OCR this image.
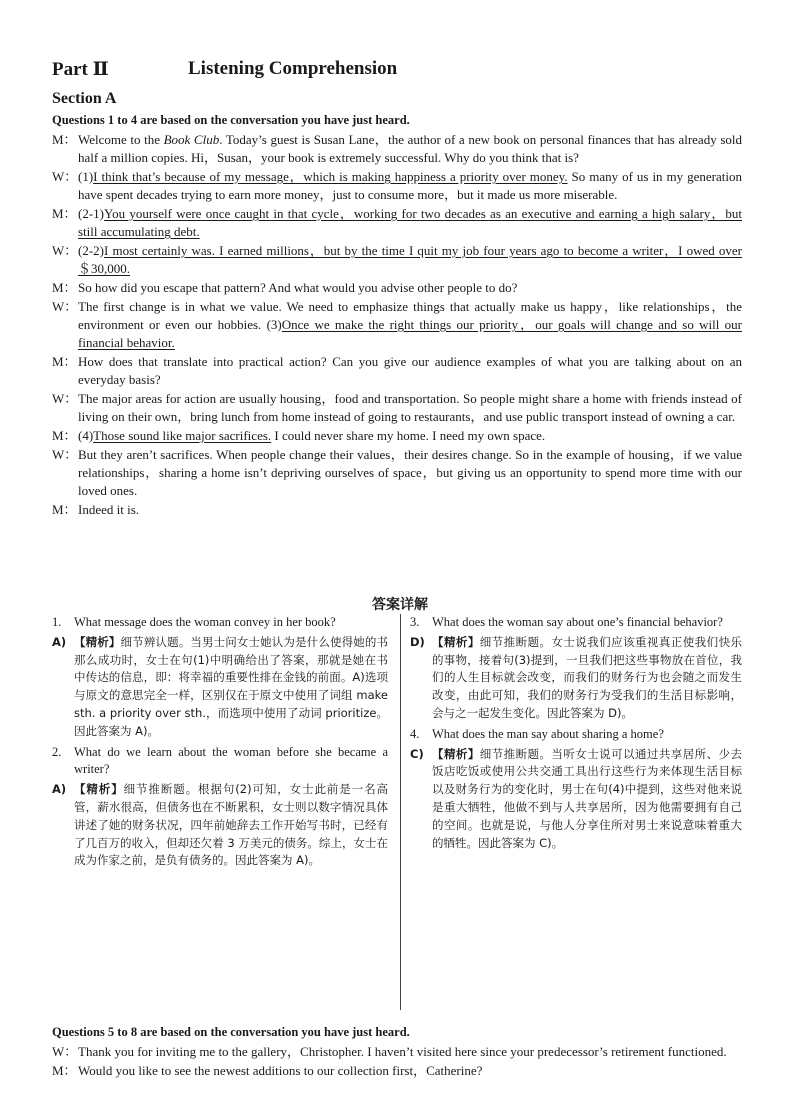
Part Ⅱ	Listening Comprehension
Section A
Questions 1 to 4 are based on the conversation you have just heard.

M： Welcome to the Book Club. Today’s guest is Susan Lane，the author of a new book on personal finances that has already sold half a million copies. Hi，Susan，your book is extremely successful. Why do you think that is?

W： (1)I think that’s because of my message，which is making happiness a priority over money. So many of us in my generation have spent decades trying to earn more money，just to consume more，but it made us more miserable.

M： (2-1)You yourself were once caught in that cycle，working for two decades as an executive and earning a high salary，but still accumulating debt.

W： (2-2)I most certainly was. I earned millions，but by the time I quit my job four years ago to become a writer，I owed over ＄30,000.

M： So how did you escape that pattern? And what would you advise other people to do?

W： The first change is in what we value. We need to emphasize things that actually make us happy，like relationships，the environment or even our hobbies. (3)Once we make the right things our priority，our goals will change and so will our financial behavior.

M： How does that translate into practical action? Can you give our audience examples of what you are talking about on an everyday basis?

W： The major areas for action are usually housing，food and transportation. So people might share a home with friends instead of living on their own，bring lunch from home instead of going to restaurants，and use public transport instead of owning a car.

M： (4)Those sound like major sacrifices. I could never share my home. I need my own space.

W： But they aren’t sacrifices. When people change their values，their desires change. So in the example of housing，if we value relationships，sharing a home isn’t depriving ourselves of space，but giving us an opportunity to spend more time with our loved ones.

M： Indeed it is.

答案详解

1. What message does the woman convey in her book?

A) 【精析】细节辨认题。当男士问女士她认为是什么使得她的书那么成功时，女士在句(1)中明确给出了答案，那就是她在书中传达的信息，即：将幸福的重要性排在金钱的前面。A)选项与原文的意思完全一样，区别仅在于原文中使用了词组 make sth. a priority over sth.，而选项中使用了动词 prioritize。因此答案为 A)。

2. What do we learn about the woman before she became a writer?

A) 【精析】细节推断题。根据句(2)可知，女士此前是一名高管，薪水很高，但债务也在不断累积，女士则以数字情况具体讲述了她的财务状况，四年前她辞去工作开始写书时，已经有了几百万的收入，但却还欠着 3 万美元的债务。综上，女士在成为作家之前，是负有债务的。因此答案为 A)。

3. What does the woman say about one’s financial behavior?

D) 【精析】细节推断题。女士说我们应该重视真正使我们快乐的事物，接着句(3)提到，一旦我们把这些事物放在首位，我们的人生目标就会改变，而我们的财务行为也会随之而发生改变，由此可知，我们的财务行为受我们的生活目标影响，会与之一起发生变化。因此答案为 D)。

4. What does the man say about sharing a home?

C) 【精析】细节推断题。当听女士说可以通过共享居所、少去饭店吃饭或使用公共交通工具出行这些行为来体现生活目标以及财务行为的变化时，男士在句(4)中提到，这些对他来说是重大牺牲，他做不到与人共享居所，因为他需要拥有自己的空间。也就是说，与他人分享住所对男士来说意味着重大的牺牲。因此答案为 C)。

Questions 5 to 8 are based on the conversation you have just heard.

W： Thank you for inviting me to the gallery，Christopher. I haven’t visited here since your predecessor’s retirement functioned.

M： Would you like to see the newest additions to our collection first，Catherine?
